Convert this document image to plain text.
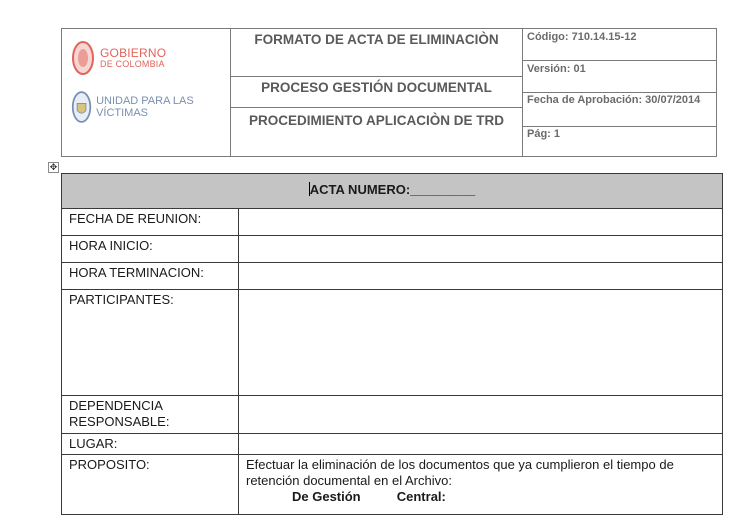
GOBIERNO
DE COLOMBIA
UNIDAD PARA LAS VÍCTIMAS
FORMATO DE ACTA DE ELIMINACIÒN
PROCESO GESTIÓN DOCUMENTAL
PROCEDIMIENTO APLICACIÒN DE TRD
Código: 710.14.15-12
Versión: 01
Fecha de Aprobación: 30/07/2014
Pág: 1
✥
ACTA NUMERO:_________	
FECHA DE REUNION:	
HORA INICIO:	
HORA TERMINACION:	
PARTICIPANTES:	
DEPENDENCIA RESPONSABLE:	
LUGAR:	
PROPOSITO:	Efectuar la eliminación de los documentos que ya cumplieron el tiempo de retención documental en el Archivo:
De Gestión          Central:
